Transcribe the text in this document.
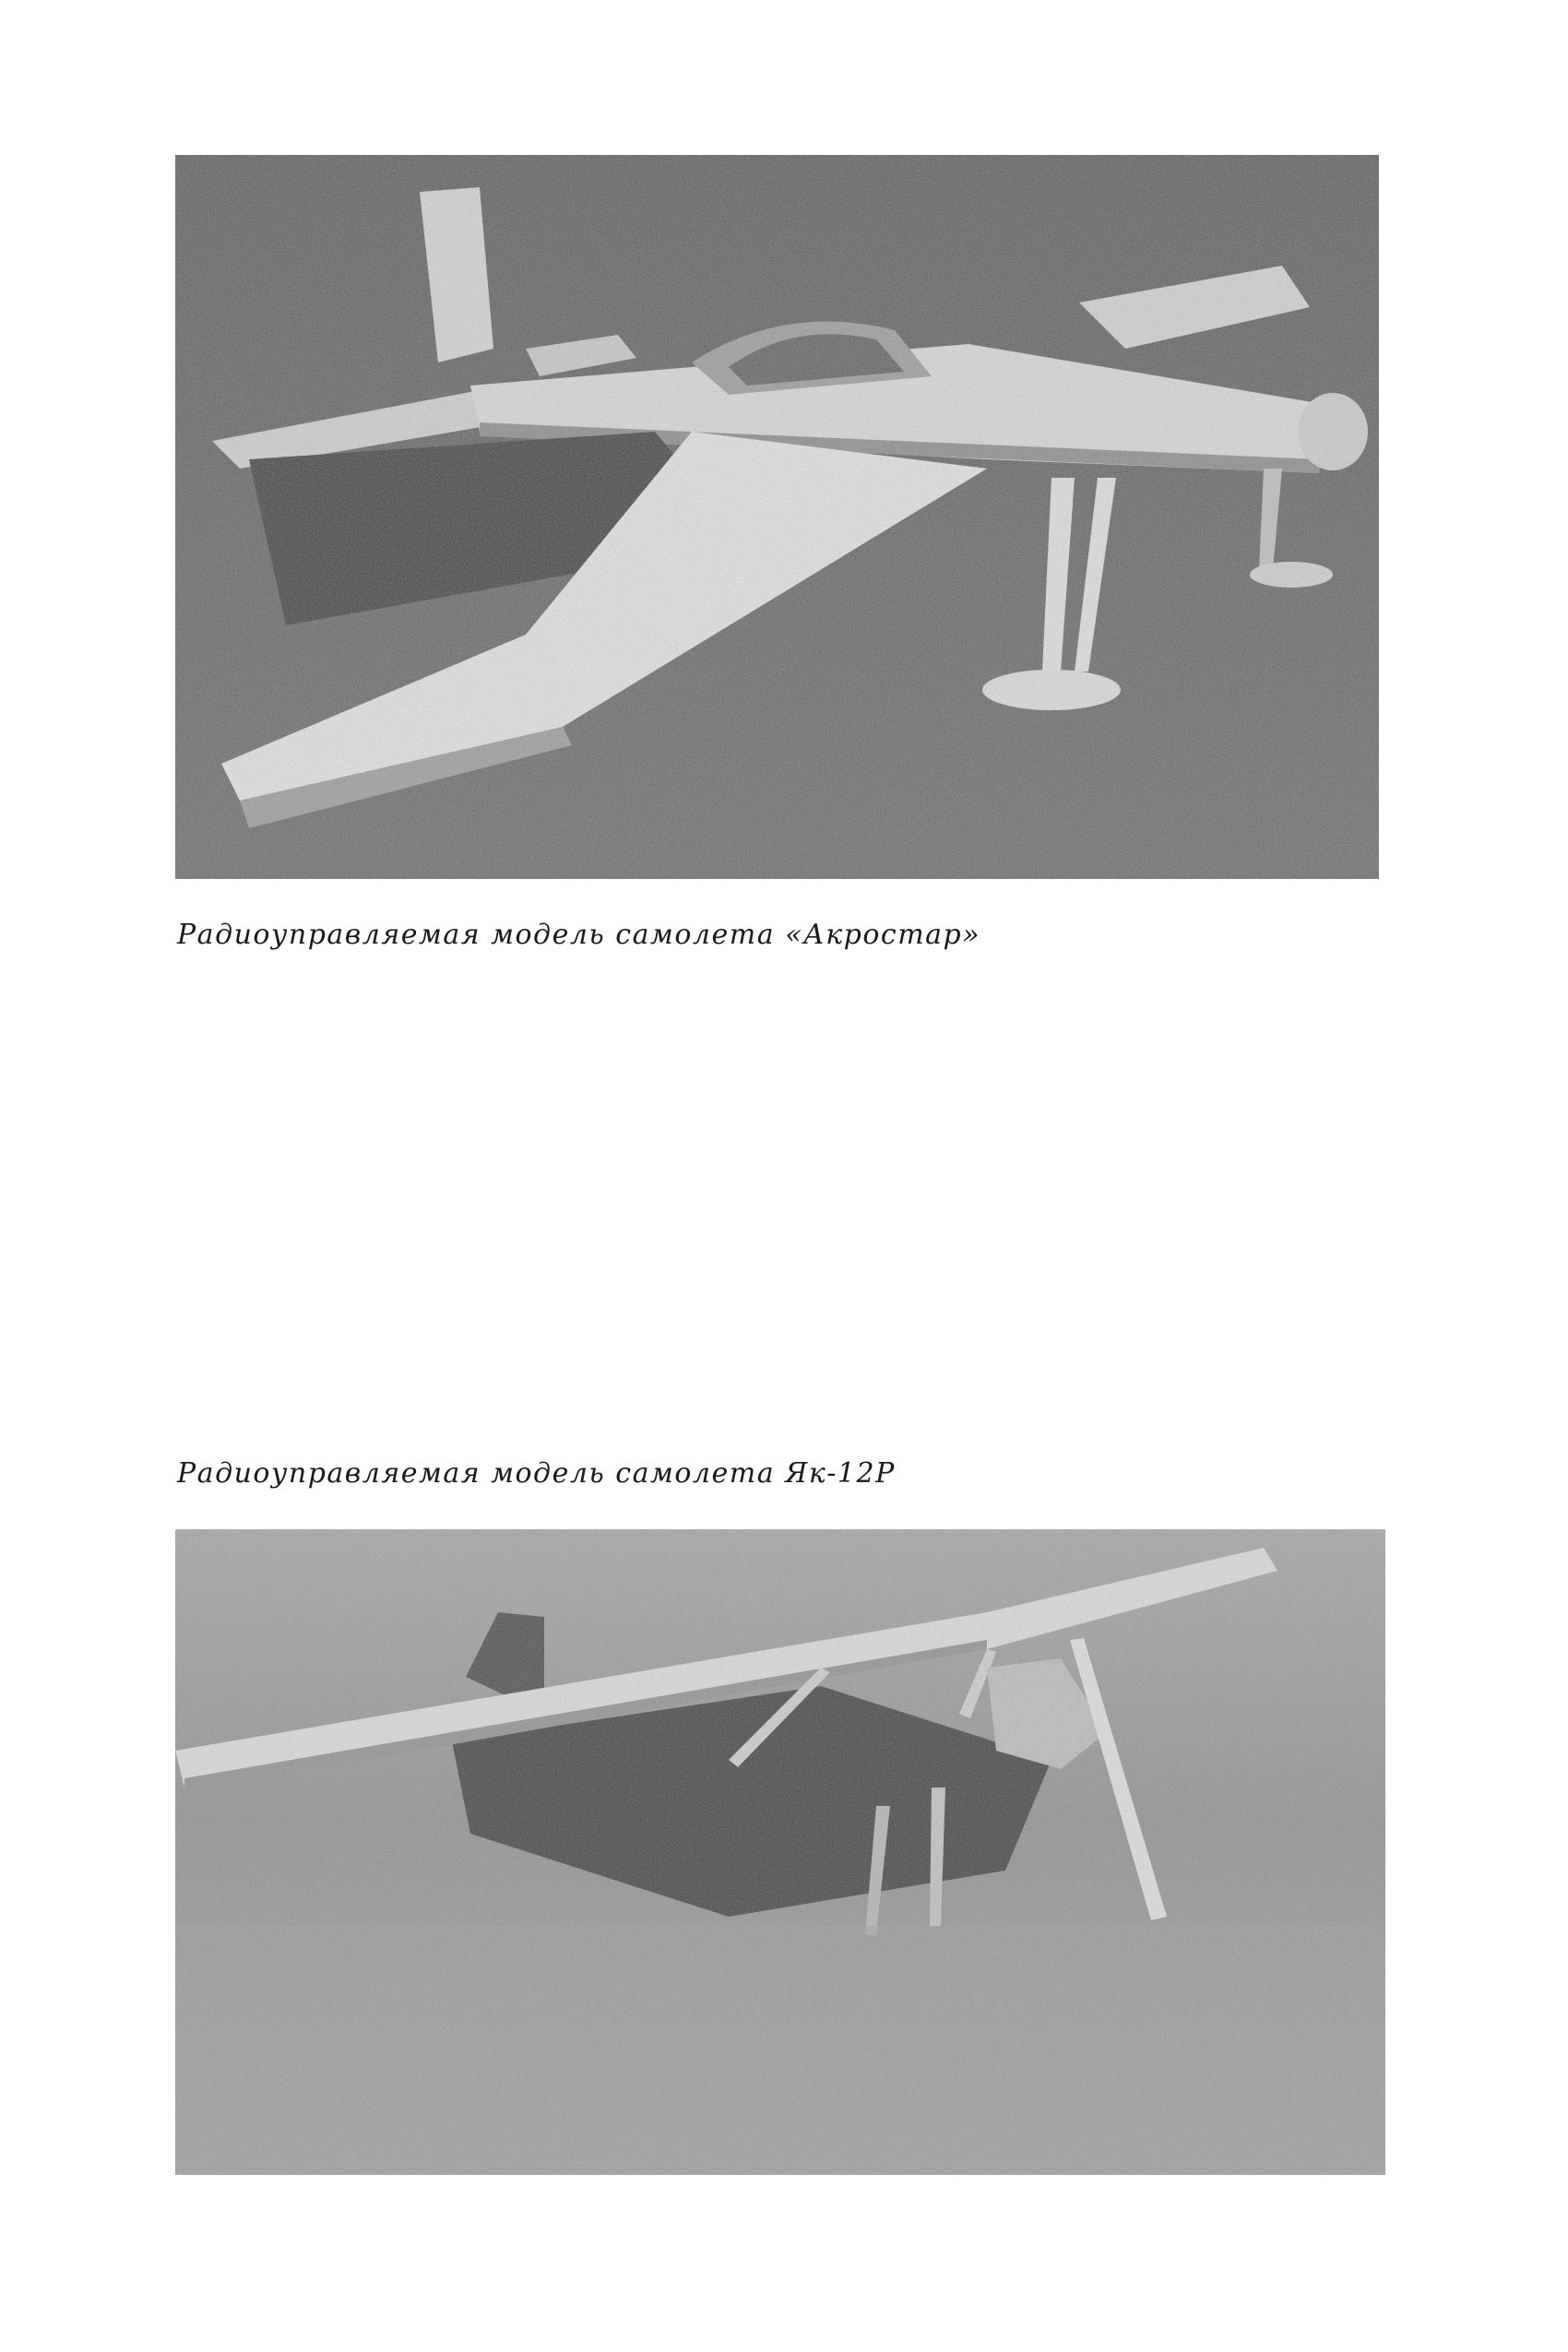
Радиоуправляемая модель самолета «Акростар»
Радиоуправляемая модель самолета Як-12Р
